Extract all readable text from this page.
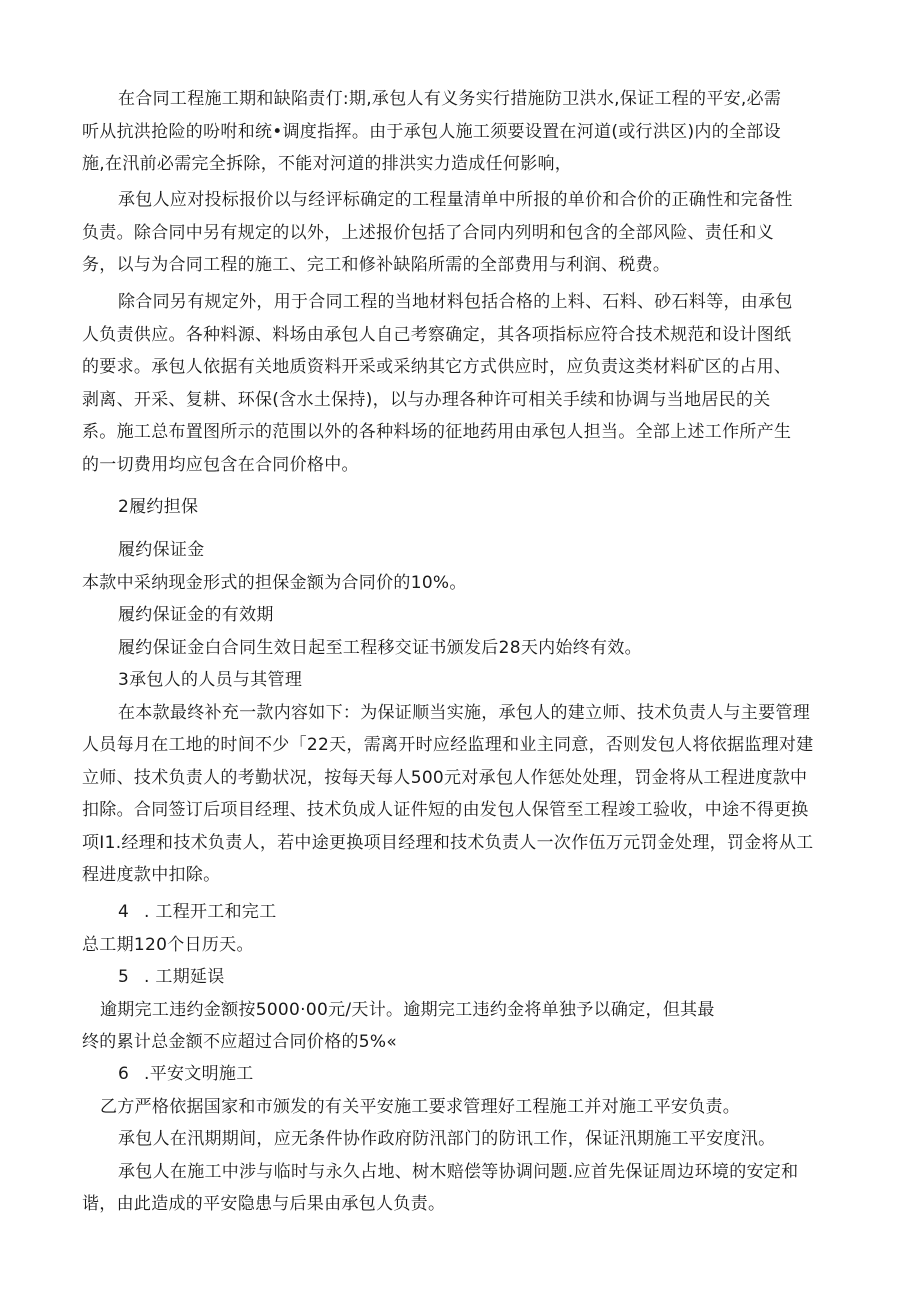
在合同工程施工期和缺陷责仃:期,承包人有义务实行措施防卫洪水,保证工程的平安,必需
听从抗洪抢险的吩咐和统•调度指挥。由于承包人施工须要设置在河道(或行洪区)内的全部设
施,在汛前必需完全拆除，不能对河道的排洪实力造成任何影响，
承包人应对投标报价以与经评标确定的工程量清单中所报的单价和合价的正确性和完备性
负责。除合同中另有规定的以外，上述报价包括了合同内列明和包含的全部风险、责任和义
务，以与为合同工程的施工、完工和修补缺陷所需的全部费用与利润、税费。
除合同另有规定外，用于合同工程的当地材料包括合格的上料、石料、砂石料等，由承包
人负责供应。各种料源、料场由承包人自己考察确定，其各项指标应符合技术规范和设计图纸
的要求。承包人依据有关地质资料开采或采纳其它方式供应时，应负责这类材料矿区的占用、
剥离、开采、复耕、环保(含水土保持)，以与办理各种许可相关手续和协调与当地居民的关
系。施工总布置图所示的范围以外的各种料场的征地药用由承包人担当。全部上述工作所产生
的一切费用均应包含在合同价格中。
2履约担保
履约保证金
本款中采纳现金形式的担保金额为合同价的10%。
履约保证金的有效期
履约保证金白合同生效日起至工程移交证书颁发后28天内始终有效。
3承包人的人员与其管理
在本款最终补充一款内容如下：为保证顺当实施，承包人的建立师、技术负责人与主要管理
人员每月在工地的时间不少「22天，需离开时应经监理和业主同意，否则发包人将依据监理对建
立师、技术负责人的考勤状况，按每天每人500元对承包人作惩处处理，罚金将从工程进度款中
扣除。合同签订后项目经理、技术负成人证件短的由发包人保管至工程竣工验收，中途不得更换
项I1.经理和技术负责人，若中途更换项目经理和技术负责人一次作伍万元罚金处理，罚金将从工
程进度款中扣除。
4 . 工程开工和完工
总工期120个日历天。
5 . 工期延误
逾期完工违约金额按5000·00元/天计。逾期完工违约金将单独予以确定，但其最
终的累计总金额不应超过合同价格的5%«
6 .平安文明施工
乙方严格依据国家和市颁发的有关平安施工要求管理好工程施工并对施工平安负责。
承包人在汛期期间，应无条件协作政府防汛部门的防讯工作，保证汛期施工平安度汛。
承包人在施工中涉与临时与永久占地、树木赔偿等协调问题.应首先保证周边环境的安定和
谐，由此造成的平安隐患与后果由承包人负责。
